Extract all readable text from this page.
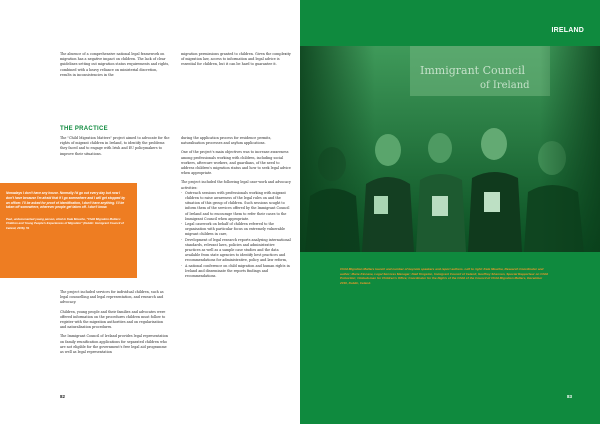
The absence of a comprehensive national legal framework on migration has a negative impact on children. The lack of clear guidelines setting out migration status requirements and rights, combined with a heavy reliance on ministerial discretion, results in inconsistencies in the

migration permissions granted to children. Given the complexity of migration law, access to information and legal advice is essential for children, but it can be hard to guarantee it.

THE PRACTICE

The "Child Migration Matters" project aimed to advocate for the rights of migrant children in Ireland, to identify the problems they faced and to engage with Irish and EU policymakers to improve their situations.

Nowadays I don't have any house. Normally I'd go out every day but now I don't have because I'm afraid that if I go somewhere and I will get stopped by an officer. I'll be asked for proof of identification, I don't have anything. I'll be taken off somewhere, wherever people get taken off. I don't know.

Paul, undocumented young person, cited in Kate Mouche, "Child Migration Matters: Children and Young People's Experiences of Migration" (Dublin: Immigrant Council of Ireland, 2016), 51

The project included services for individual children, such as legal counselling and legal representation, and research and advocacy.

Children, young people and their families and advocates were offered information on the procedures children must follow to register with the migration authorities and on regularisation and naturalisation procedures.

The Immigrant Council of Ireland provides legal representation on family reunification applications for separated children who are not eligible for the government's free legal aid programme as well as legal representation

during the application process for residence permits, naturalisation processes and asylum applications.

One of the project's main objectives was to increase awareness among professionals working with children, including social workers, aftercare workers, and guardians, of the need to address children's migration status and how to seek legal advice when appropriate.

The project included the following legal case-work and advocacy activities:

- Outreach sessions with professionals working with migrant children to raise awareness of the legal rules on and the situation of this group of children. Such sessions sought to inform them of the services offered by the Immigrant Council of Ireland and to encourage them to refer their cases to the Immigrant Council when appropriate.
- Legal casework on behalf of children referred to the organisation with particular focus on extremely vulnerable migrant children in care,
- Development of legal research reports analysing international standards, relevant laws, policies and administrative practices as well as a sample case studies and the data available from state agencies to identify best practices and recommendations for administrative, policy and law reform,
- A national conference on child migration and human rights in Ireland and disseminate the reports findings and recommendations.
82
IRELAND
Child Migration Matters launch and number of keynote speakers and report authors. Left to right: Kate Mouche, Research Coordinator and author; Marie Kinnane, Legal Services Manager; Niall Kingston, Immigrant Council of Ireland; Geoffrey Shannon, Special Rapporteur on Child Protection; Ombudsman for Children's Office; Coordinator for the Rights of the Child of the Council of Child Migration Matters, December 2016, Dublin, Ireland.
83
